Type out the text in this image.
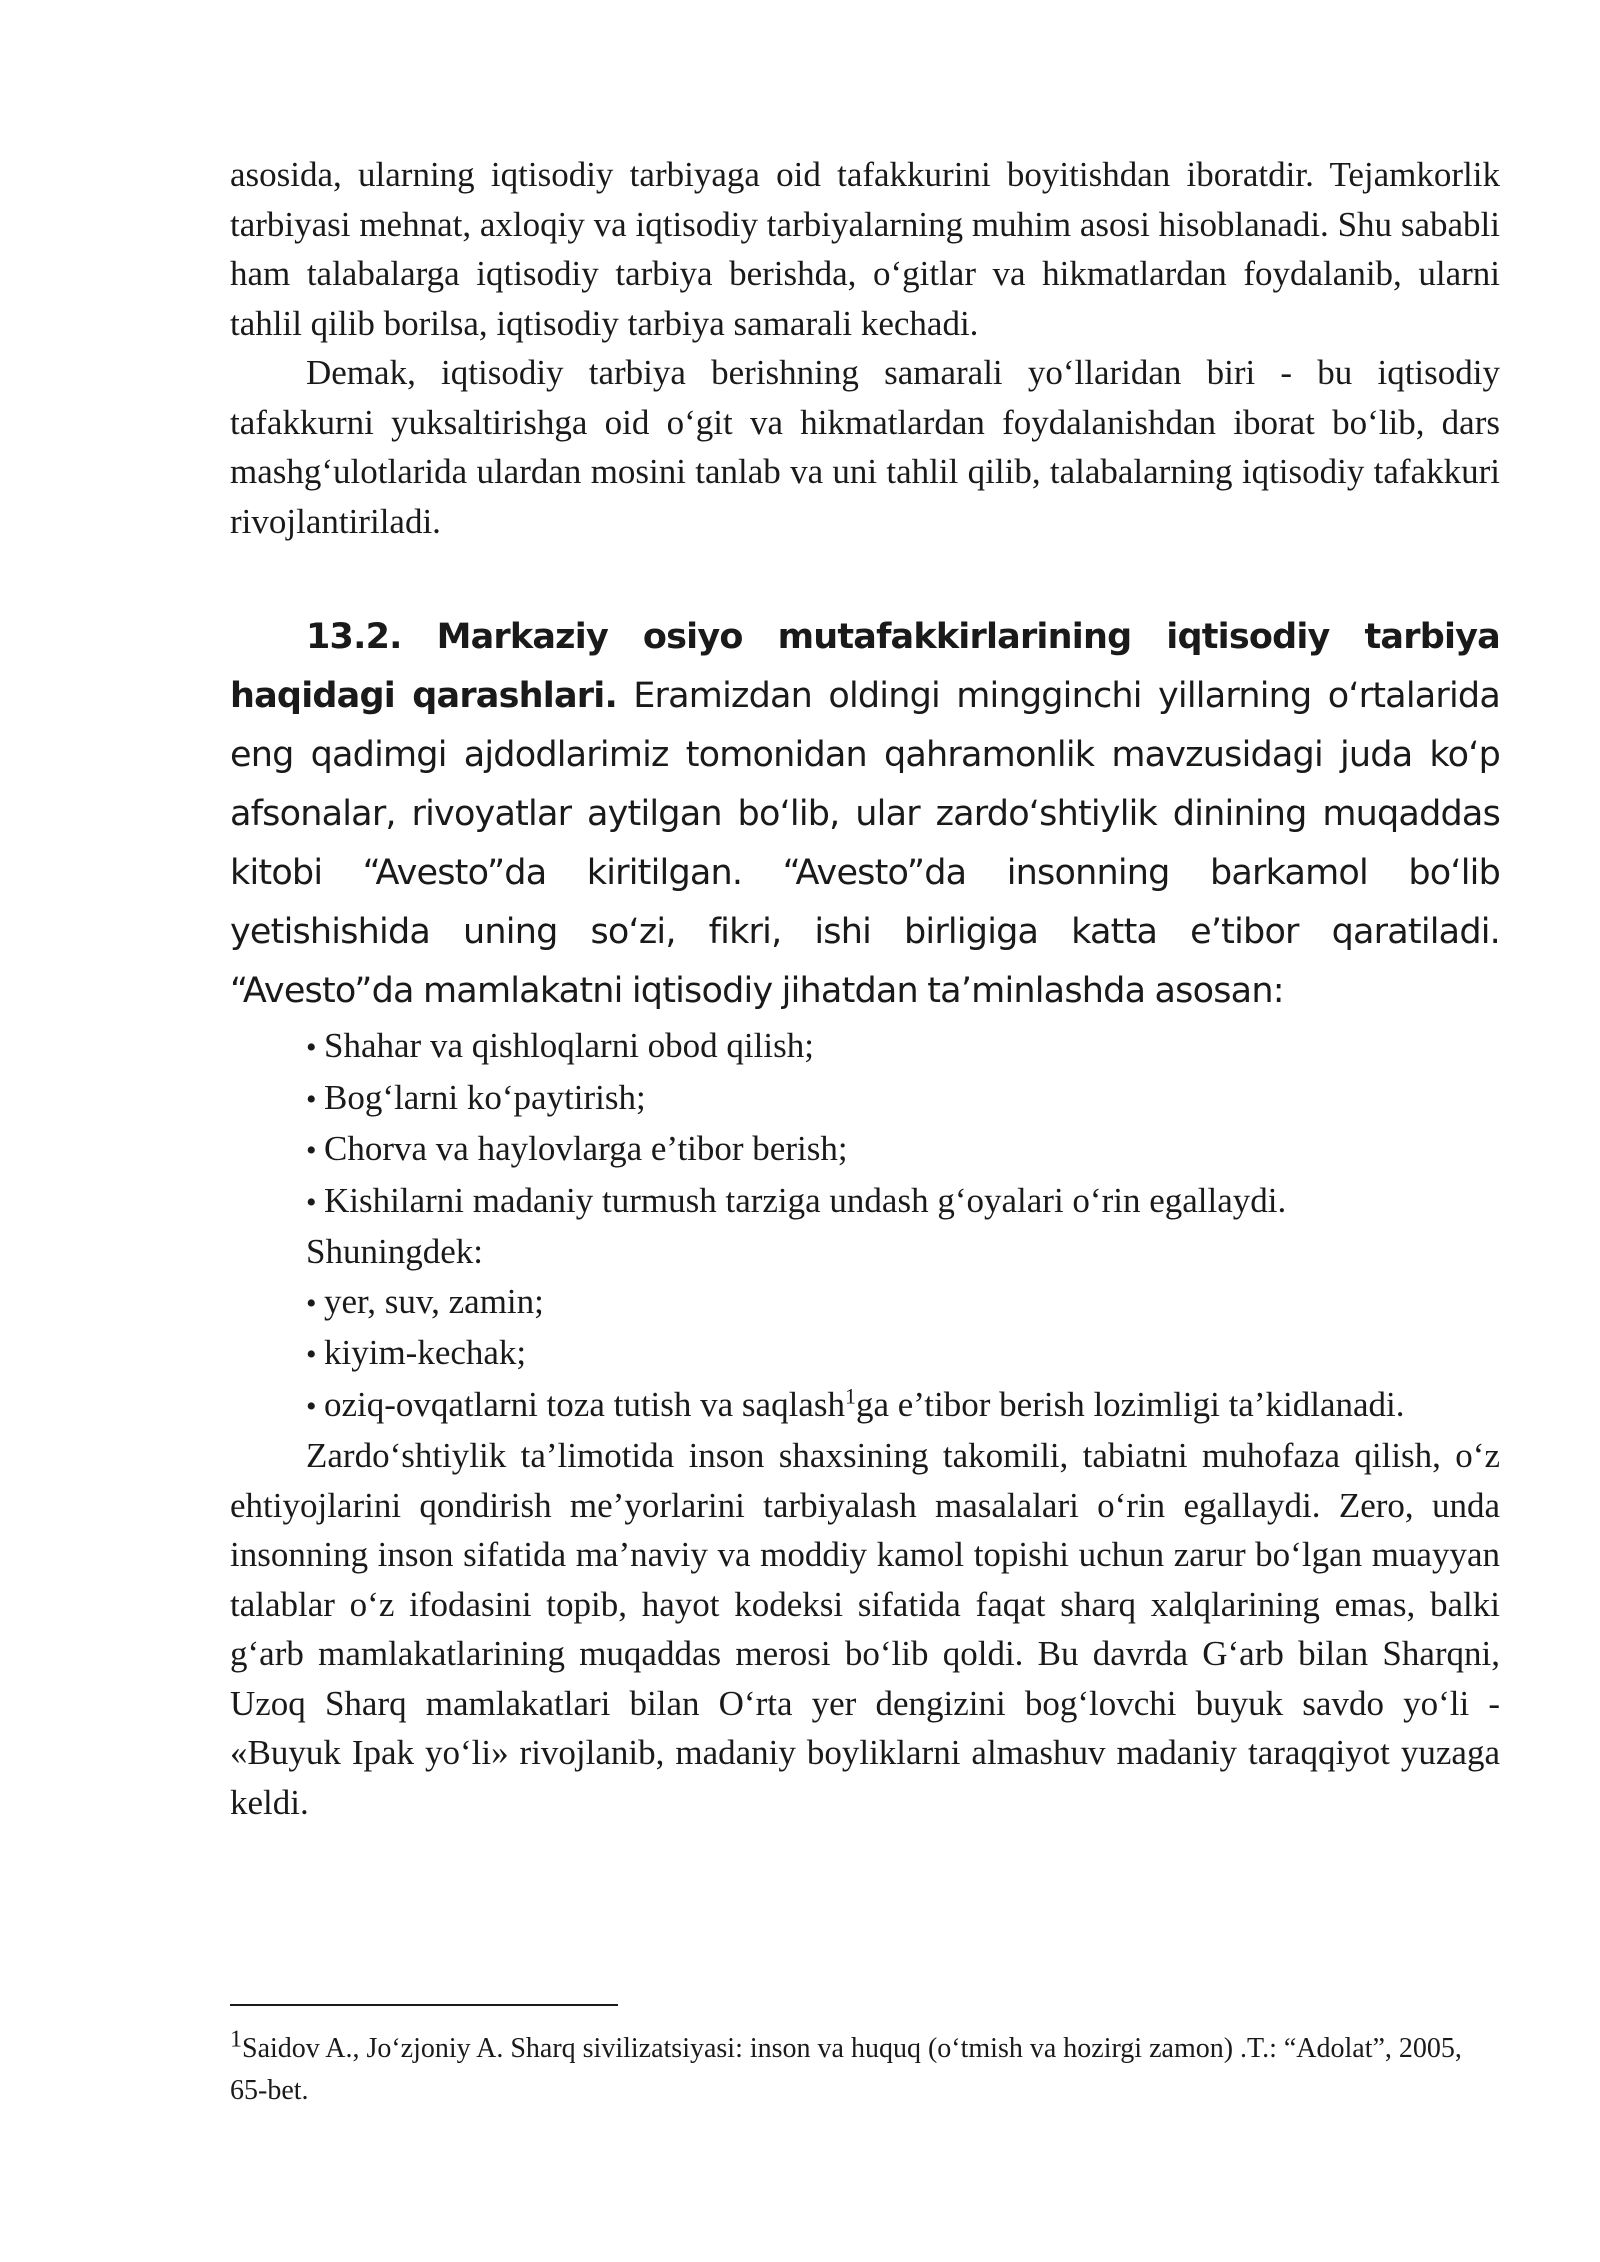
asosida, ularning iqtisodiy tarbiyaga oid tafakkurini boyitishdan iboratdir. Tejamkorlik tarbiyasi mehnat, axloqiy va iqtisodiy tarbiyalarning muhim asosi hisoblanadi. Shu sababli ham talabalarga iqtisodiy tarbiya berishda, o‘gitlar va hikmatlardan foydalanib, ularni tahlil qilib borilsa, iqtisodiy tarbiya samarali kechadi.

Demak, iqtisodiy tarbiya berishning samarali yo‘llaridan biri - bu iqtisodiy tafakkurni yuksaltirishga oid o‘git va hikmatlardan foydalanishdan iborat bo‘lib, dars mashg‘ulotlarida ulardan mosini tanlab va uni tahlil qilib, talabalarning iqtisodiy tafakkuri rivojlantiriladi.

13.2. Markaziy osiyo mutafakkirlarining iqtisodiy tarbiya haqidagi qarashlari. Eramizdan oldingi mingginchi yillarning o‘rtalarida eng qadimgi ajdodlarimiz tomonidan qahramonlik mavzusidagi juda ko‘p afsonalar, rivoyatlar aytilgan bo‘lib, ular zardo‘shtiylik dinining muqaddas kitobi “Avesto”da kiritilgan. “Avesto”da insonning barkamol bo‘lib yetishishida uning so‘zi, fikri, ishi birligiga katta e’tibor qaratiladi. “Avesto”da mamlakatni iqtisodiy jihatdan ta’minlashda asosan:

• Shahar va qishloqlarni obod qilish;
• Bog‘larni ko‘paytirish;
• Chorva va haylovlarga e’tibor berish;
• Kishilarni madaniy turmush tarziga undash g‘oyalari o‘rin egallaydi.
Shuningdek:
• yer, suv, zamin;
• kiyim-kechak;

• oziq-ovqatlarni toza tutish va saqlash$^1$ga e’tibor berish lozimligi ta’kidlanadi.

Zardo‘shtiylik ta’limotida inson shaxsining takomili, tabiatni muhofaza qilish, o‘z ehtiyojlarini qondirish me’yorlarini tarbiyalash masalalari o‘rin egallaydi. Zero, unda insonning inson sifatida ma’naviy va moddiy kamol topishi uchun zarur bo‘lgan muayyan talablar o‘z ifodasini topib, hayot kodeksi sifatida faqat sharq xalqlarining emas, balki g‘arb mamlakatlarining muqaddas merosi bo‘lib qoldi. Bu davrda G‘arb bilan Sharqni, Uzoq Sharq mamlakatlari bilan O‘rta yer dengizini bog‘lovchi buyuk savdo yo‘li - «Buyuk Ipak yo‘li» rivojlanib, madaniy boyliklarni almashuv madaniy taraqqiyot yuzaga keldi.

1Saidov A., Jo‘zjoniy A. Sharq sivilizatsiyasi: inson va huquq (o‘tmish va hozirgi zamon) .T.: “Adolat”, 2005, 65-bet.
